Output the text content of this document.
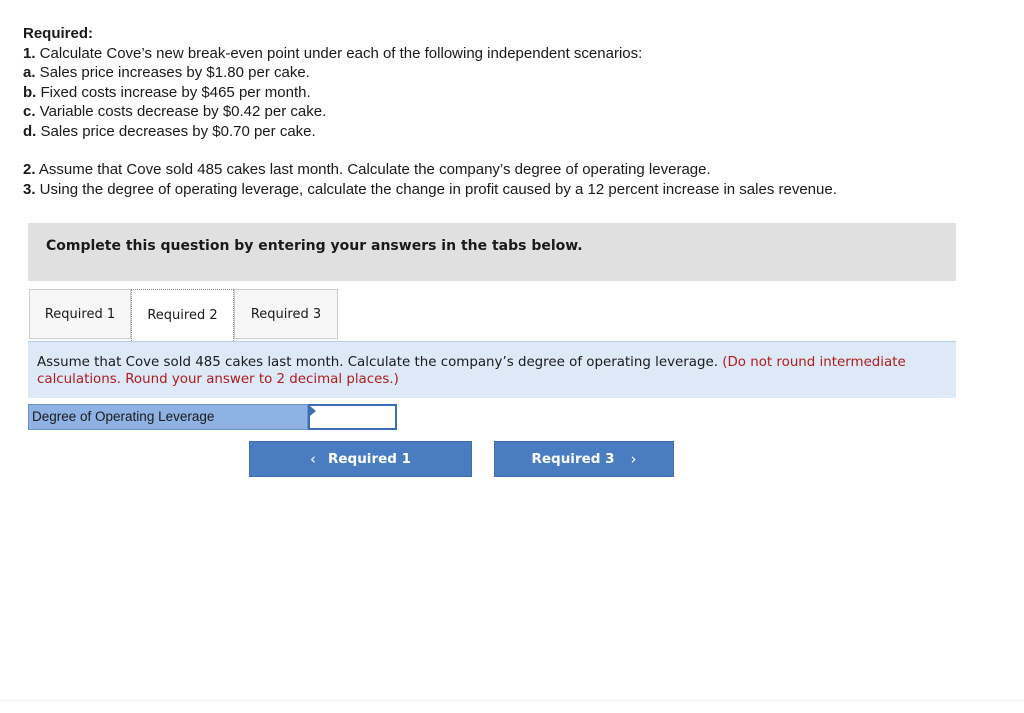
Required:
1. Calculate Cove’s new break-even point under each of the following independent scenarios:
a. Sales price increases by $1.80 per cake.
b. Fixed costs increase by $465 per month.
c. Variable costs decrease by $0.42 per cake.
d. Sales price decreases by $0.70 per cake.
2. Assume that Cove sold 485 cakes last month. Calculate the company’s degree of operating leverage.
3. Using the degree of operating leverage, calculate the change in profit caused by a 12 percent increase in sales revenue.
Complete this question by entering your answers in the tabs below.
Required 1	Required 2	Required 3

Assume that Cove sold 485 cakes last month. Calculate the company’s degree of operating leverage. (Do not round intermediate calculations. Round your answer to 2 decimal places.)

Degree of Operating Leverage
‹ Required 1	Required 3 ›
